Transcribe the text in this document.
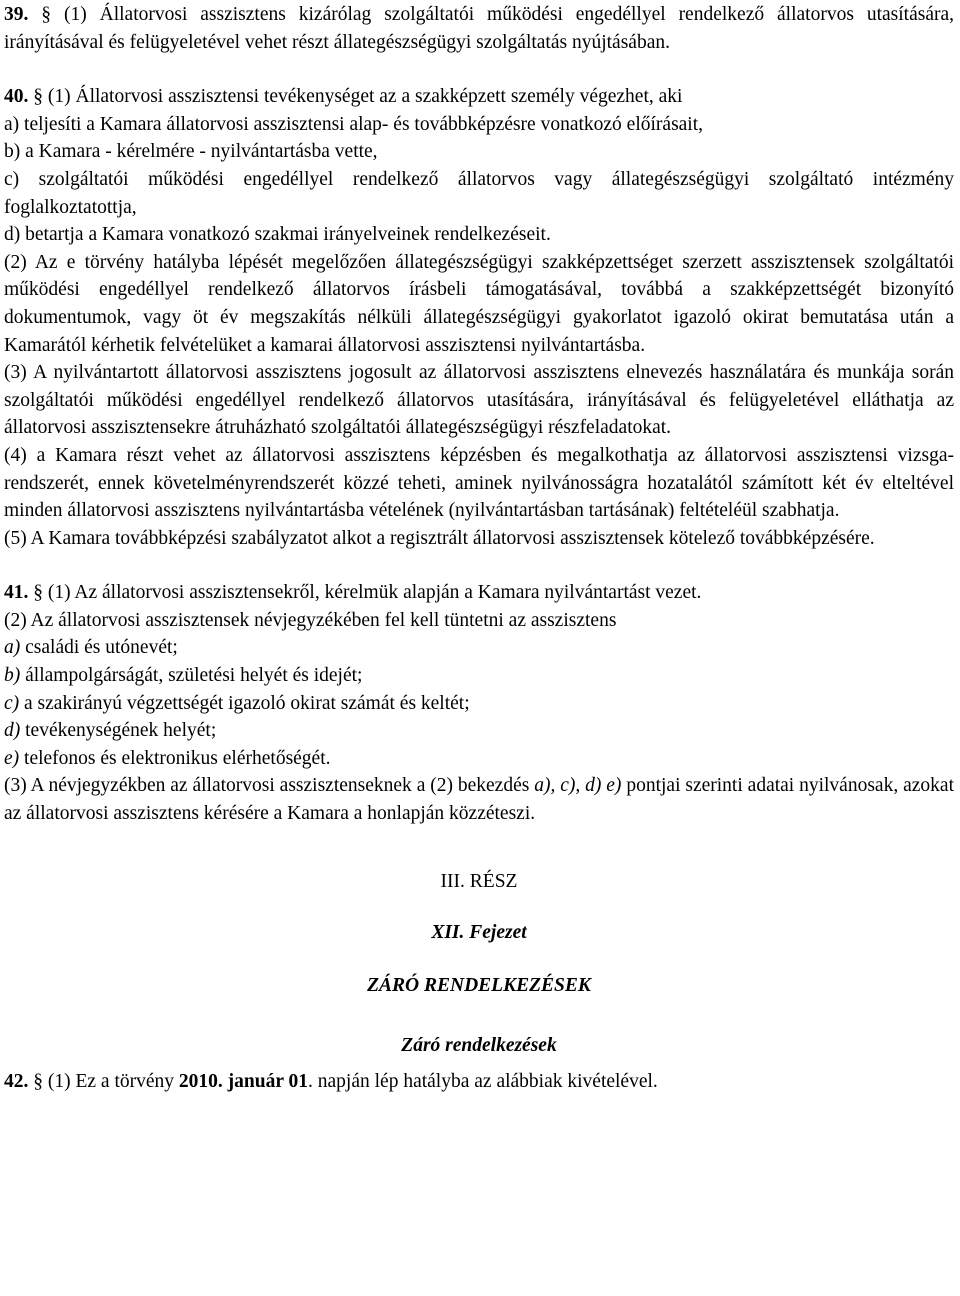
39. § (1) Állatorvosi asszisztens kizárólag szolgáltatói működési engedéllyel rendelkező állatorvos utasítására, irányításával és felügyeletével vehet részt állategészségügyi szolgáltatás nyújtásában.

40. § (1) Állatorvosi asszisztensi tevékenységet az a szakképzett személy végezhet, aki

a) teljesíti a Kamara állatorvosi asszisztensi alap- és továbbképzésre vonatkozó előírásait,

b) a Kamara - kérelmére - nyilvántartásba vette,

c) szolgáltatói működési engedéllyel rendelkező állatorvos vagy állategészségügyi szolgáltató intézmény foglalkoztatottja,

d) betartja a Kamara vonatkozó szakmai irányelveinek rendelkezéseit.

(2) Az e törvény hatályba lépését megelőzően állategészségügyi szakképzettséget szerzett asszisztensek szolgáltatói működési engedéllyel rendelkező állatorvos írásbeli támogatásával, továbbá a szakképzettségét bizonyító dokumentumok, vagy öt év megszakítás nélküli állategészségügyi gyakorlatot igazoló okirat bemutatása után a Kamarától kérhetik felvételüket a kamarai állatorvosi asszisztensi nyilvántartásba.

(3) A nyilvántartott állatorvosi asszisztens jogosult az állatorvosi asszisztens elnevezés használatára és munkája során szolgáltatói működési engedéllyel rendelkező állatorvos utasítására, irányításával és felügyeletével elláthatja az állatorvosi asszisztensekre átruházható szolgáltatói állategészségügyi részfeladatokat.

(4) a Kamara részt vehet az állatorvosi asszisztens képzésben és megalkothatja az állatorvosi asszisztensi vizsga-rendszerét, ennek követelményrendszerét közzé teheti, aminek nyilvánosságra hozatalától számított két év elteltével minden állatorvosi asszisztens nyilvántartásba vételének (nyilvántartásban tartásának) feltételéül szabhatja.

(5) A Kamara továbbképzési szabályzatot alkot a regisztrált állatorvosi asszisztensek kötelező továbbképzésére.

41. § (1) Az állatorvosi asszisztensekről, kérelmük alapján a Kamara nyilvántartást vezet.

(2) Az állatorvosi asszisztensek névjegyzékében fel kell tüntetni az asszisztens

a) családi és utónevét;

b) állampolgárságát, születési helyét és idejét;

c) a szakirányú végzettségét igazoló okirat számát és keltét;

d) tevékenységének helyét;

e) telefonos és elektronikus elérhetőségét.

(3) A névjegyzékben az állatorvosi asszisztenseknek a (2) bekezdés a), c), d) e) pontjai szerinti adatai nyilvánosak, azokat az állatorvosi asszisztens kérésére a Kamara a honlapján közzéteszi.

III. RÉSZ

XII. Fejezet

ZÁRÓ RENDELKEZÉSEK

Záró rendelkezések

42. § (1) Ez a törvény 2010. január 01. napján lép hatályba az alábbiak kivételével.
